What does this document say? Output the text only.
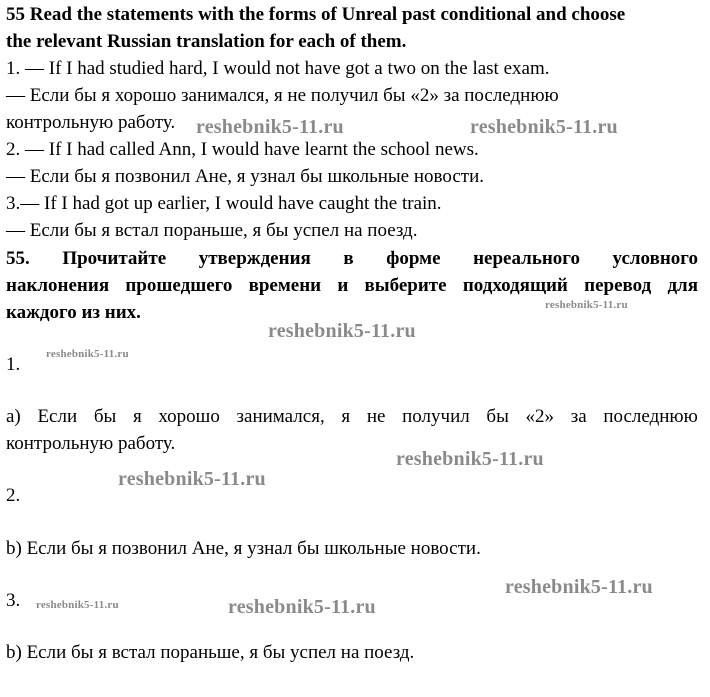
55 Read the statements with the forms of Unreal past conditional and choose
the relevant Russian translation for each of them.
1. — If I had studied hard, I would not have got a two on the last exam.
— Если бы я хорошо занимался, я не получил бы «2» за последнюю
контрольную работу.
2. — If I had called Ann, I would have learnt the school news.
— Если бы я позвонил Ане, я узнал бы школьные новости.
3.— If I had got up earlier, I would have caught the train.
— Если бы я встал пораньше, я бы успел на поезд.
55. Прочитайте утверждения в форме нереального условного
наклонения прошедшего времени и выберите подходящий перевод для
каждого из них.
1.
a) Если бы я хорошо занимался, я не получил бы «2» за последнюю
контрольную работу.
2.
b) Если бы я позвонил Ане, я узнал бы школьные новости.
3.
b) Если бы я встал пораньше, я бы успел на поезд.
reshebnik5-11.ru	reshebnik5-11.ru
reshebnik5-11.ru
reshebnik5-11.ru
reshebnik5-11.ru
reshebnik5-11.ru
reshebnik5-11.ru
reshebnik5-11.ru
reshebnik5-11.ru	reshebnik5-11.ru
